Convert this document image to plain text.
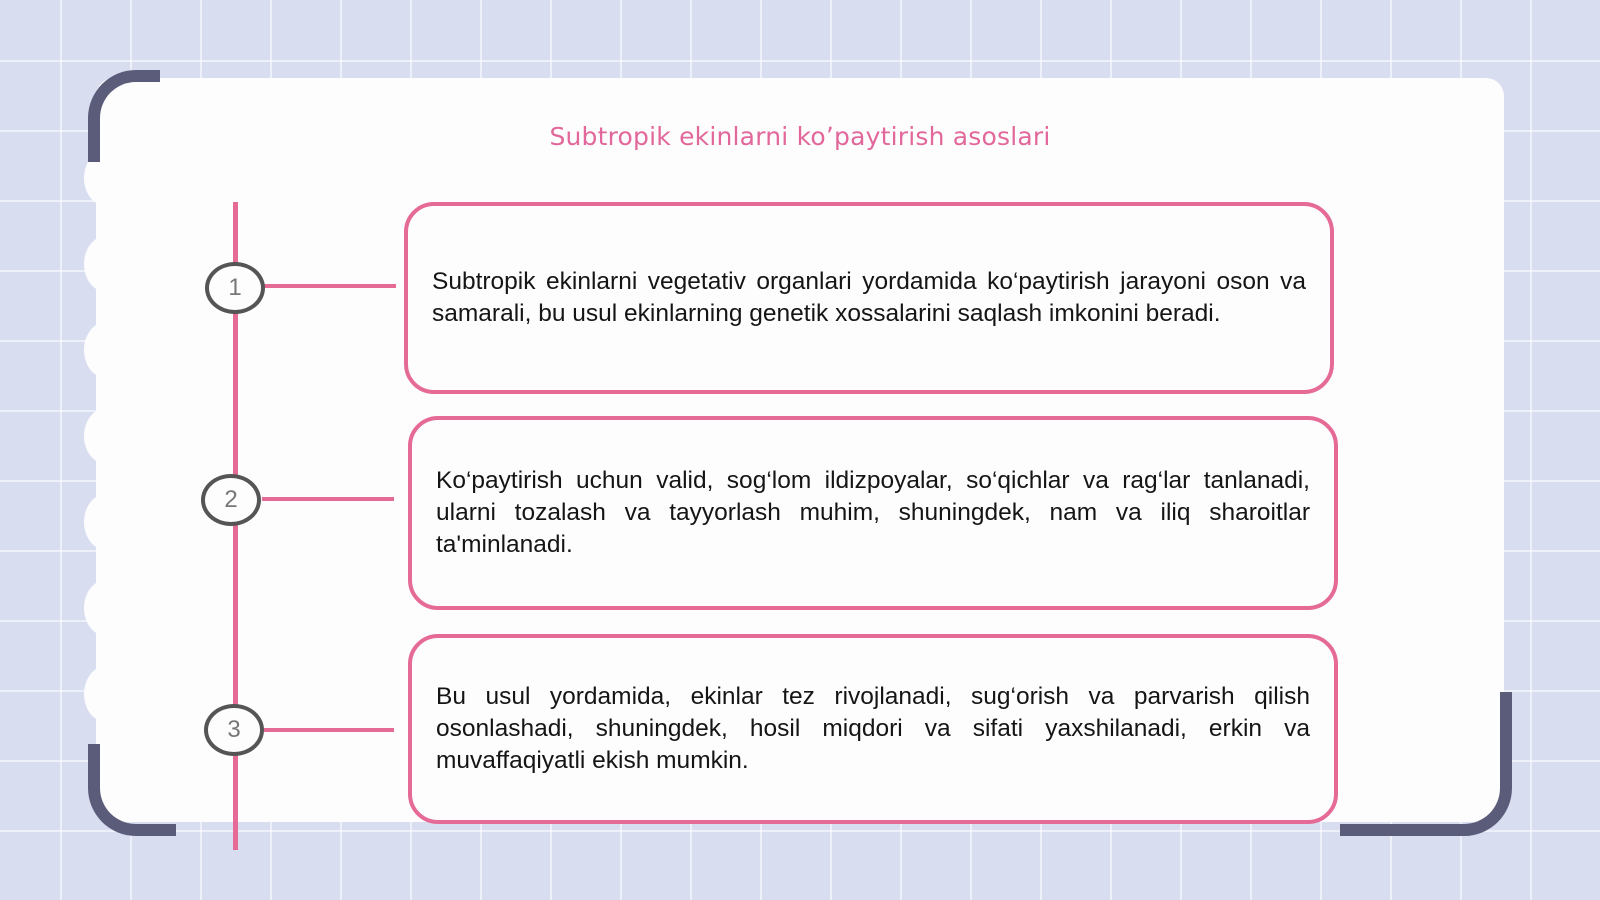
Subtropik ekinlarni koʼpaytirish asoslari
1	Subtropik ekinlarni vegetativ organlari yordamida ko‘paytirish jarayoni oson va samarali, bu usul ekinlarning genetik xossalarini saqlash imkonini beradi.
2
Ko‘paytirish uchun valid, sog‘lom ildizpoyalar, so‘qichlar va rag‘lar tanlanadi, ularni tozalash va tayyorlash muhim, shuningdek, nam va iliq sharoitlar ta'minlanadi.
3
Bu usul yordamida, ekinlar tez rivojlanadi, sug‘orish va parvarish qilish osonlashadi, shuningdek, hosil miqdori va sifati yaxshilanadi, erkin va muvaffaqiyatli ekish mumkin.
